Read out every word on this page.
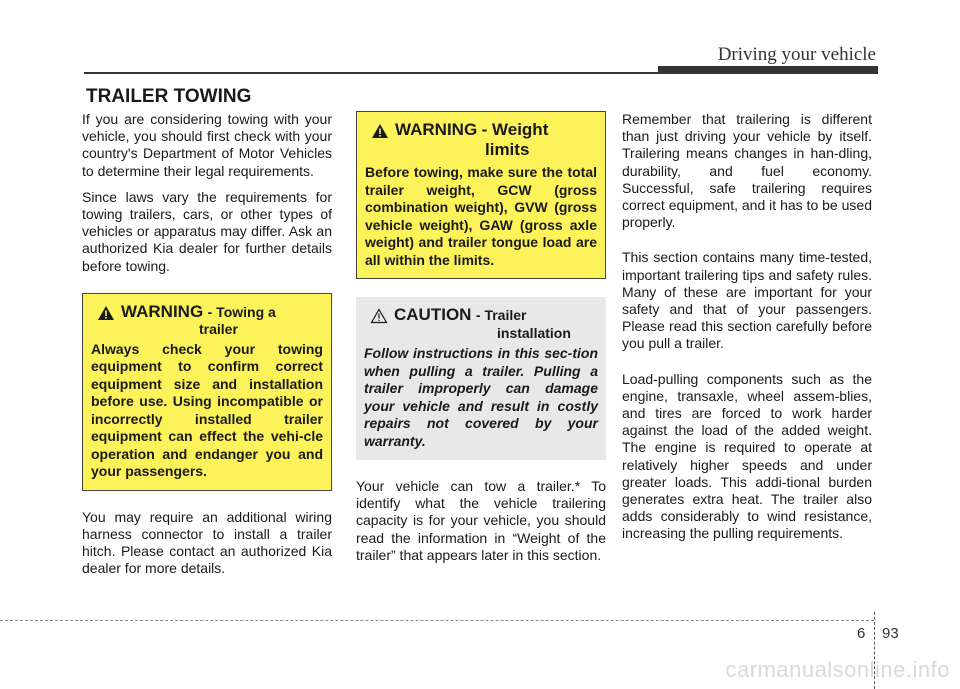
Driving your vehicle
TRAILER TOWING

If you are considering towing with your vehicle, you should first check with your country's Department of Motor Vehicles to determine their legal requirements.

Since laws vary the requirements for towing trailers, cars, or other types of vehicles or apparatus may differ. Ask an authorized Kia dealer for further details before towing.

WARNING - Towing a
trailer
Always check your towing equipment to confirm correct equipment size and installation before use. Using incompatible or incorrectly installed trailer equipment can effect the vehi-cle operation and endanger you and your passengers.

You may require an additional wiring harness connector to install a trailer hitch. Please contact an authorized Kia dealer for more details.

WARNING - Weight
limits
Before towing, make sure the total trailer weight, GCW (gross combination weight), GVW (gross vehicle weight), GAW (gross axle weight) and trailer tongue load are all within the limits.
CAUTION - Trailer
installation
Follow instructions in this sec-tion when pulling a trailer. Pulling a trailer improperly can damage your vehicle and result in costly repairs not covered by your warranty.

Your vehicle can tow a trailer.* To identify what the vehicle trailering capacity is for your vehicle, you should read the information in “Weight of the trailer” that appears later in this section.

Remember that trailering is different than just driving your vehicle by itself. Trailering means changes in han-dling, durability, and fuel economy. Successful, safe trailering requires correct equipment, and it has to be used properly.

This section contains many time-tested, important trailering tips and safety rules. Many of these are important for your safety and that of your passengers. Please read this section carefully before you pull a trailer.

Load-pulling components such as the engine, transaxle, wheel assem-blies, and tires are forced to work harder against the load of the added weight. The engine is required to operate at relatively higher speeds and under greater loads. This addi-tional burden generates extra heat. The trailer also adds considerably to wind resistance, increasing the pulling requirements.

6 93
carmanualsonline.info
